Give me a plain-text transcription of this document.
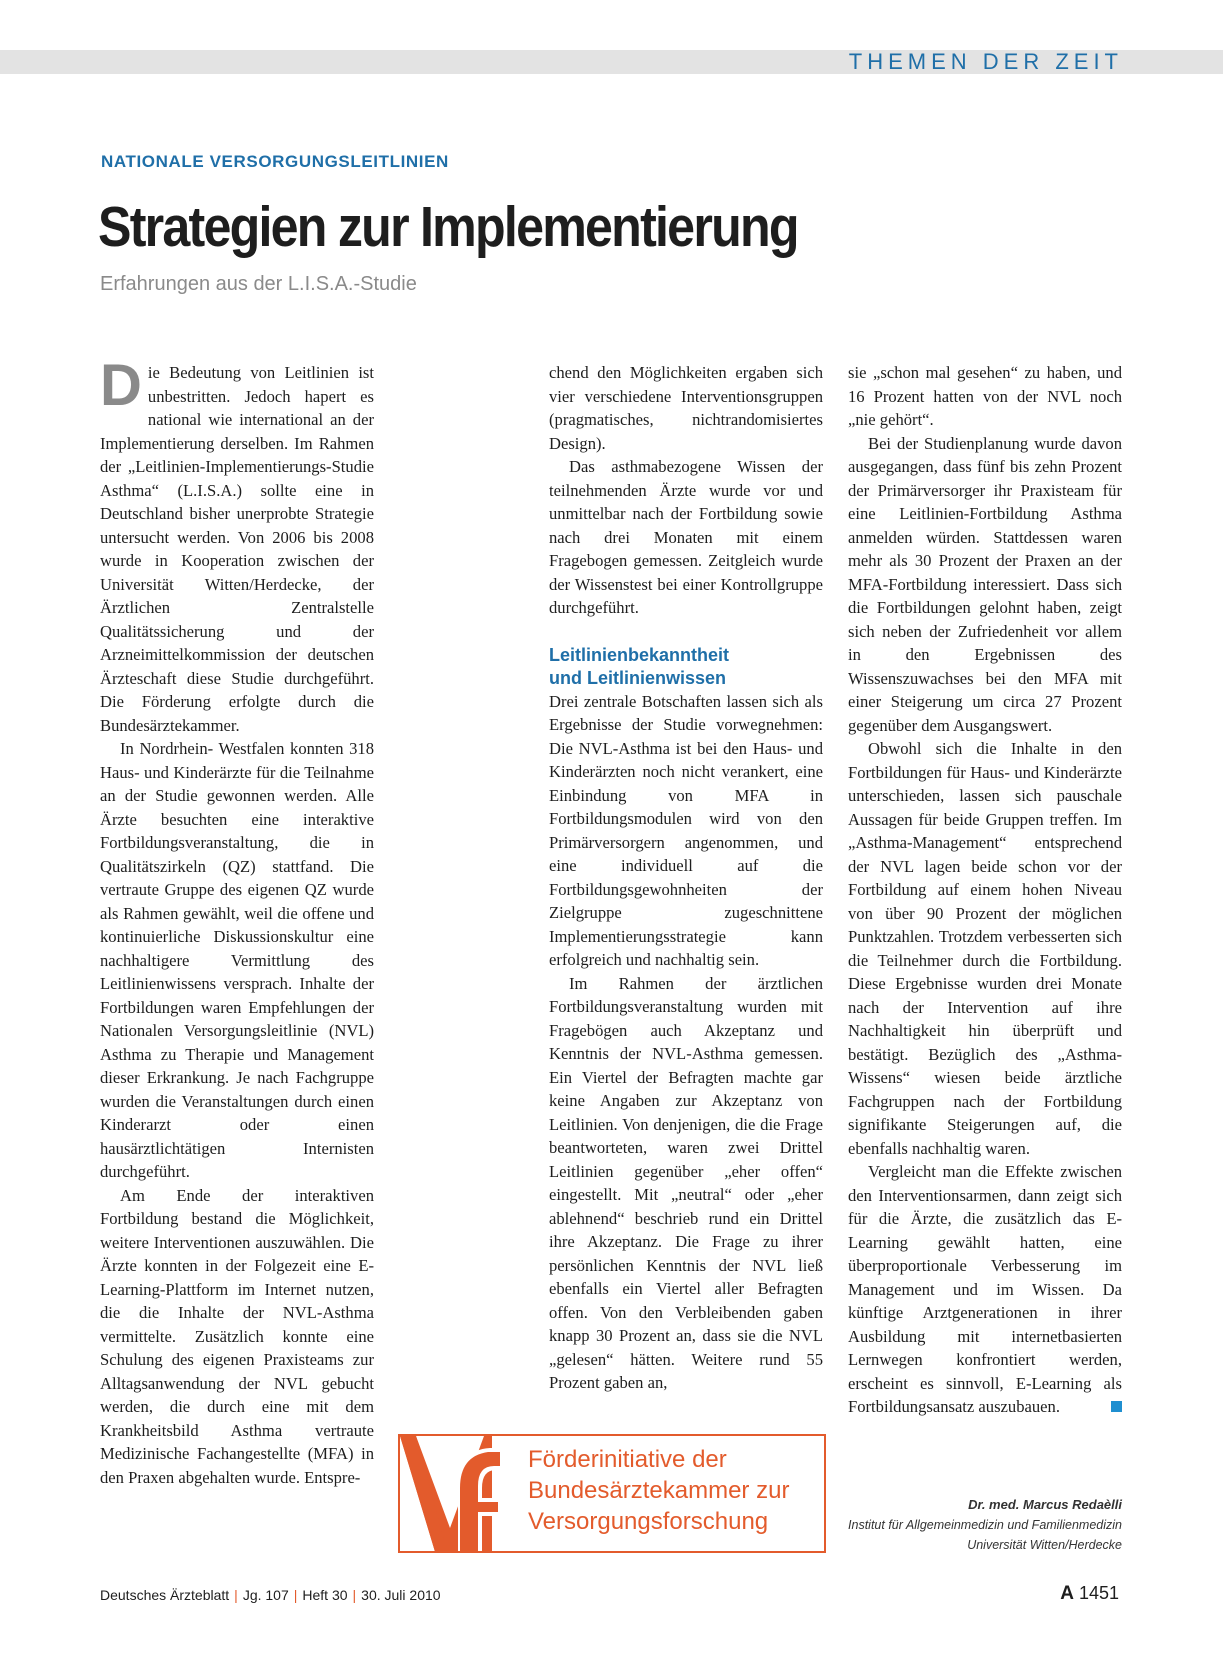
THEMEN DER ZEIT
NATIONALE VERSORGUNGSLEITLINIEN
Strategien zur Implementierung
Erfahrungen aus der L.I.S.A.-Studie

Die Bedeutung von Leitlinien ist unbestritten. Jedoch hapert es national wie international an der Implementierung derselben. Im Rahmen der „Leitlinien-Implementierungs-Studie Asthma“ (L.I.S.A.) sollte eine in Deutschland bisher unerprobte Strategie untersucht werden. Von 2006 bis 2008 wurde in Kooperation zwischen der Universität Witten/Herdecke, der Ärztlichen Zentralstelle Qualitätssicherung und der Arzneimittelkommission der deutschen Ärzteschaft diese Studie durchgeführt. Die Förderung erfolgte durch die Bundesärztekammer.

In Nordrhein- Westfalen konnten 318 Haus- und Kinderärzte für die Teilnahme an der Studie gewonnen werden. Alle Ärzte besuchten eine interaktive Fortbildungsveranstaltung, die in Qualitätszirkeln (QZ) stattfand. Die vertraute Gruppe des eigenen QZ wurde als Rahmen gewählt, weil die offene und kontinuierliche Diskussionskultur eine nachhaltigere Vermittlung des Leitlinienwissens versprach. Inhalte der Fortbildungen waren Empfehlungen der Nationalen Versorgungsleitlinie (NVL) Asthma zu Therapie und Management dieser Erkrankung. Je nach Fachgruppe wurden die Veranstaltungen durch einen Kinderarzt oder einen hausärztlichtätigen Internisten durchgeführt.

Am Ende der interaktiven Fortbildung bestand die Möglichkeit, weitere Interventionen auszuwählen. Die Ärzte konnten in der Folgezeit eine E-Learning-Plattform im Internet nutzen, die die Inhalte der NVL-Asthma vermittelte. Zusätzlich konnte eine Schulung des eigenen Praxisteams zur Alltagsanwendung der NVL gebucht werden, die durch eine mit dem Krankheitsbild Asthma vertraute Medizinische Fachangestellte (MFA) in den Praxen abgehalten wurde. Entspre-

chend den Möglichkeiten ergaben sich vier verschiedene Interventionsgruppen (pragmatisches, nichtrandomisiertes Design).

Das asthmabezogene Wissen der teilnehmenden Ärzte wurde vor und unmittelbar nach der Fortbildung sowie nach drei Monaten mit einem Fragebogen gemessen. Zeitgleich wurde der Wissenstest bei einer Kontrollgruppe durchgeführt.

Leitlinienbekanntheit
und Leitlinienwissen

Drei zentrale Botschaften lassen sich als Ergebnisse der Studie vorwegnehmen: Die NVL-Asthma ist bei den Haus- und Kinderärzten noch nicht verankert, eine Einbindung von MFA in Fortbildungsmodulen wird von den Primärversorgern angenommen, und eine individuell auf die Fortbildungsgewohnheiten der Zielgruppe zugeschnittene Implementierungsstrategie kann erfolgreich und nachhaltig sein.

Im Rahmen der ärztlichen Fortbildungsveranstaltung wurden mit Fragebögen auch Akzeptanz und Kenntnis der NVL-Asthma gemessen. Ein Viertel der Befragten machte gar keine Angaben zur Akzeptanz von Leitlinien. Von denjenigen, die die Frage beantworteten, waren zwei Drittel Leitlinien gegenüber „eher offen“ eingestellt. Mit „neutral“ oder „eher ablehnend“ beschrieb rund ein Drittel ihre Akzeptanz. Die Frage zu ihrer persönlichen Kenntnis der NVL ließ ebenfalls ein Viertel aller Befragten offen. Von den Verbleibenden gaben knapp 30 Prozent an, dass sie die NVL „gelesen“ hätten. Weitere rund 55 Prozent gaben an,

sie „schon mal gesehen“ zu haben, und 16 Prozent hatten von der NVL noch „nie gehört“.

Bei der Studienplanung wurde davon ausgegangen, dass fünf bis zehn Prozent der Primärversorger ihr Praxisteam für eine Leitlinien-Fortbildung Asthma anmelden würden. Stattdessen waren mehr als 30 Prozent der Praxen an der MFA-Fortbildung interessiert. Dass sich die Fortbildungen gelohnt haben, zeigt sich neben der Zufriedenheit vor allem in den Ergebnissen des Wissenszuwachses bei den MFA mit einer Steigerung um circa 27 Prozent gegenüber dem Ausgangswert.

Obwohl sich die Inhalte in den Fortbildungen für Haus- und Kinderärzte unterschieden, lassen sich pauschale Aussagen für beide Gruppen treffen. Im „Asthma-Management“ entsprechend der NVL lagen beide schon vor der Fortbildung auf einem hohen Niveau von über 90 Prozent der möglichen Punktzahlen. Trotzdem verbesserten sich die Teilnehmer durch die Fortbildung. Diese Ergebnisse wurden drei Monate nach der Intervention auf ihre Nachhaltigkeit hin überprüft und bestätigt. Bezüglich des „Asthma-Wissens“ wiesen beide ärztliche Fachgruppen nach der Fortbildung signifikante Steigerungen auf, die ebenfalls nachhaltig waren.

Vergleicht man die Effekte zwischen den Interventionsarmen, dann zeigt sich für die Ärzte, die zusätzlich das E-Learning gewählt hatten, eine überproportionale Verbesserung im Management und im Wissen. Da künftige Arztgenerationen in ihrer Ausbildung mit internetbasierten Lernwegen konfrontiert werden, erscheint es sinnvoll, E-Learning als Fortbildungsansatz auszubauen.

Dr. med. Marcus Redaèlli
Institut für Allgemeinmedizin und Familienmedizin
Universität Witten/Herdecke
Förderinitiative der
Bundesärztekammer zur
Versorgungsforschung
Deutsches Ärzteblatt | Jg. 107 | Heft 30 | 30. Juli 2010	A 1451
